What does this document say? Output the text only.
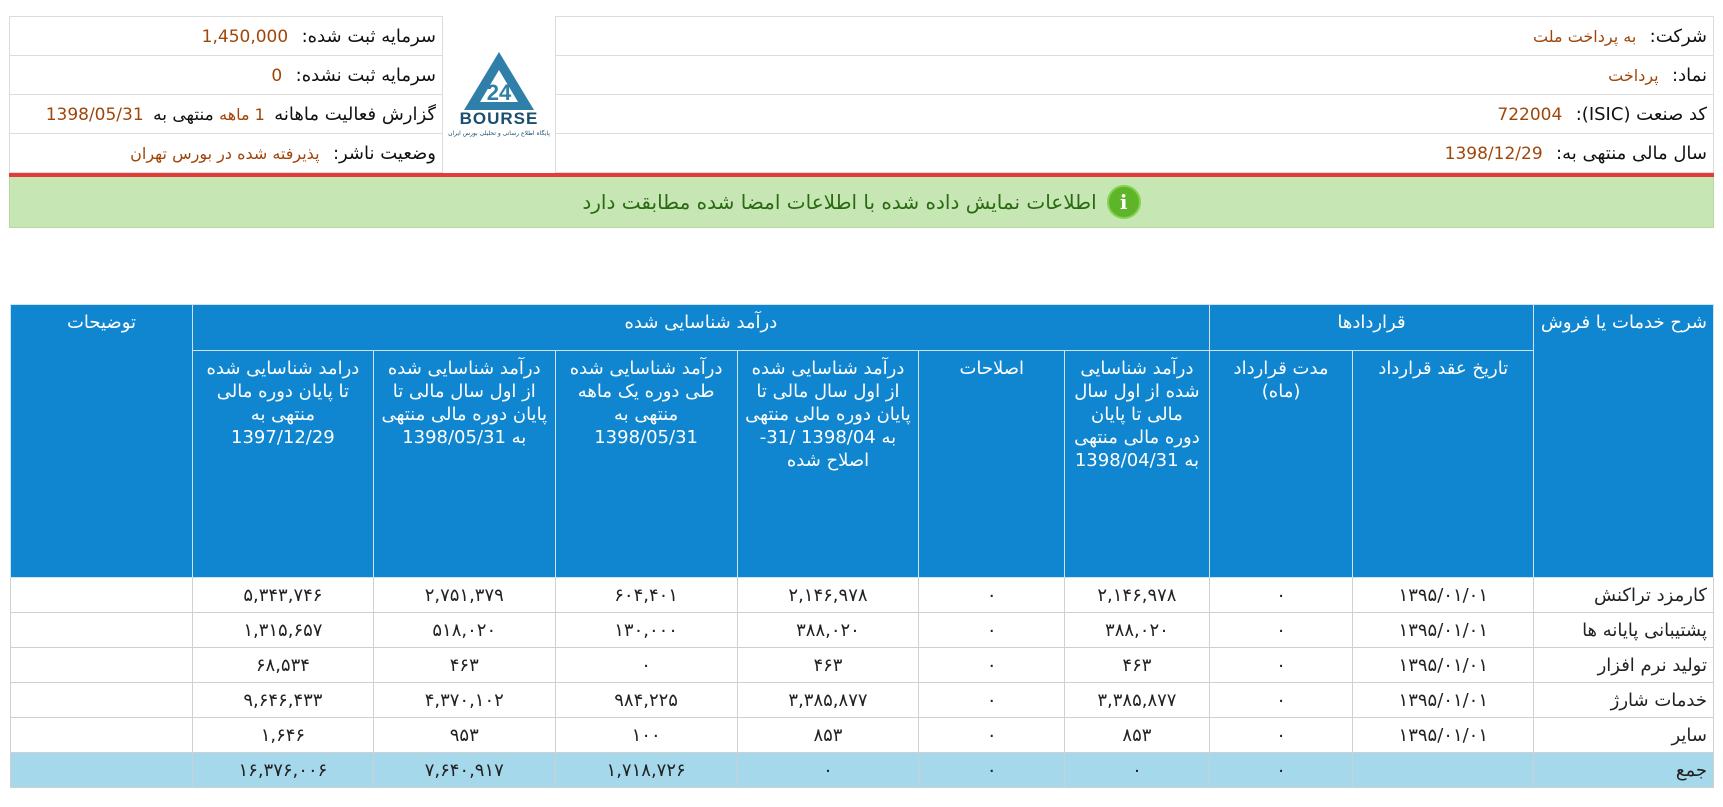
شرکت: به پرداخت ملت	24
BOURSE
پایگاه اطلاع رسانی و تحلیلی بورس ایران	سرمایه ثبت شده: 1,450,000
نماد: پرداخت		سرمایه ثبت نشده: 0
کد صنعت (ISIC): 722004		گزارش فعالیت ماهانه 1 ماهه منتهی به 1398/05/31
سال مالی منتهی به: 1398/12/29		وضعیت ناشر: پذیرفته شده در بورس تهران
i
اطلاعات نمایش داده شده با اطلاعات امضا شده مطابقت دارد
شرح خدمات یا فروش	قراردادها		درآمد شناسایی شده						توضیحات
	تاریخ عقد قرارداد	مدت قرارداد (ماه)	درآمد شناسایی شده از اول سال مالی تا پایان دوره مالی منتهی به 1398/04/31	اصلاحات	درآمد شناسایی شده از اول سال مالی تا پایان دوره مالی منتهی به 1398/04 /31-اصلاح شده	درآمد شناسایی شده طی دوره یک ماهه منتهی به 1398/05/31	درآمد شناسایی شده از اول سال مالی تا پایان دوره مالی منتهی به 1398/05/31	درامد شناسایی شده تا پایان دوره مالی منتهی به 1397/12/29	
کارمزد تراکنش	۱۳۹۵/۰۱/۰۱	۰	۲,۱۴۶,۹۷۸	۰	۲,۱۴۶,۹۷۸	۶۰۴,۴۰۱	۲,۷۵۱,۳۷۹	۵,۳۴۳,۷۴۶	
پشتیبانی پایانه ها	۱۳۹۵/۰۱/۰۱	۰	۳۸۸,۰۲۰	۰	۳۸۸,۰۲۰	۱۳۰,۰۰۰	۵۱۸,۰۲۰	۱,۳۱۵,۶۵۷	
تولید نرم افزار	۱۳۹۵/۰۱/۰۱	۰	۴۶۳	۰	۴۶۳	۰	۴۶۳	۶۸,۵۳۴	
خدمات شارژ	۱۳۹۵/۰۱/۰۱	۰	۳,۳۸۵,۸۷۷	۰	۳,۳۸۵,۸۷۷	۹۸۴,۲۲۵	۴,۳۷۰,۱۰۲	۹,۶۴۶,۴۳۳	
سایر	۱۳۹۵/۰۱/۰۱	۰	۸۵۳	۰	۸۵۳	۱۰۰	۹۵۳	۱,۶۴۶	
جمع		۰	۰	۰	۰	۱,۷۱۸,۷۲۶	۷,۶۴۰,۹۱۷	۱۶,۳۷۶,۰۰۶	
